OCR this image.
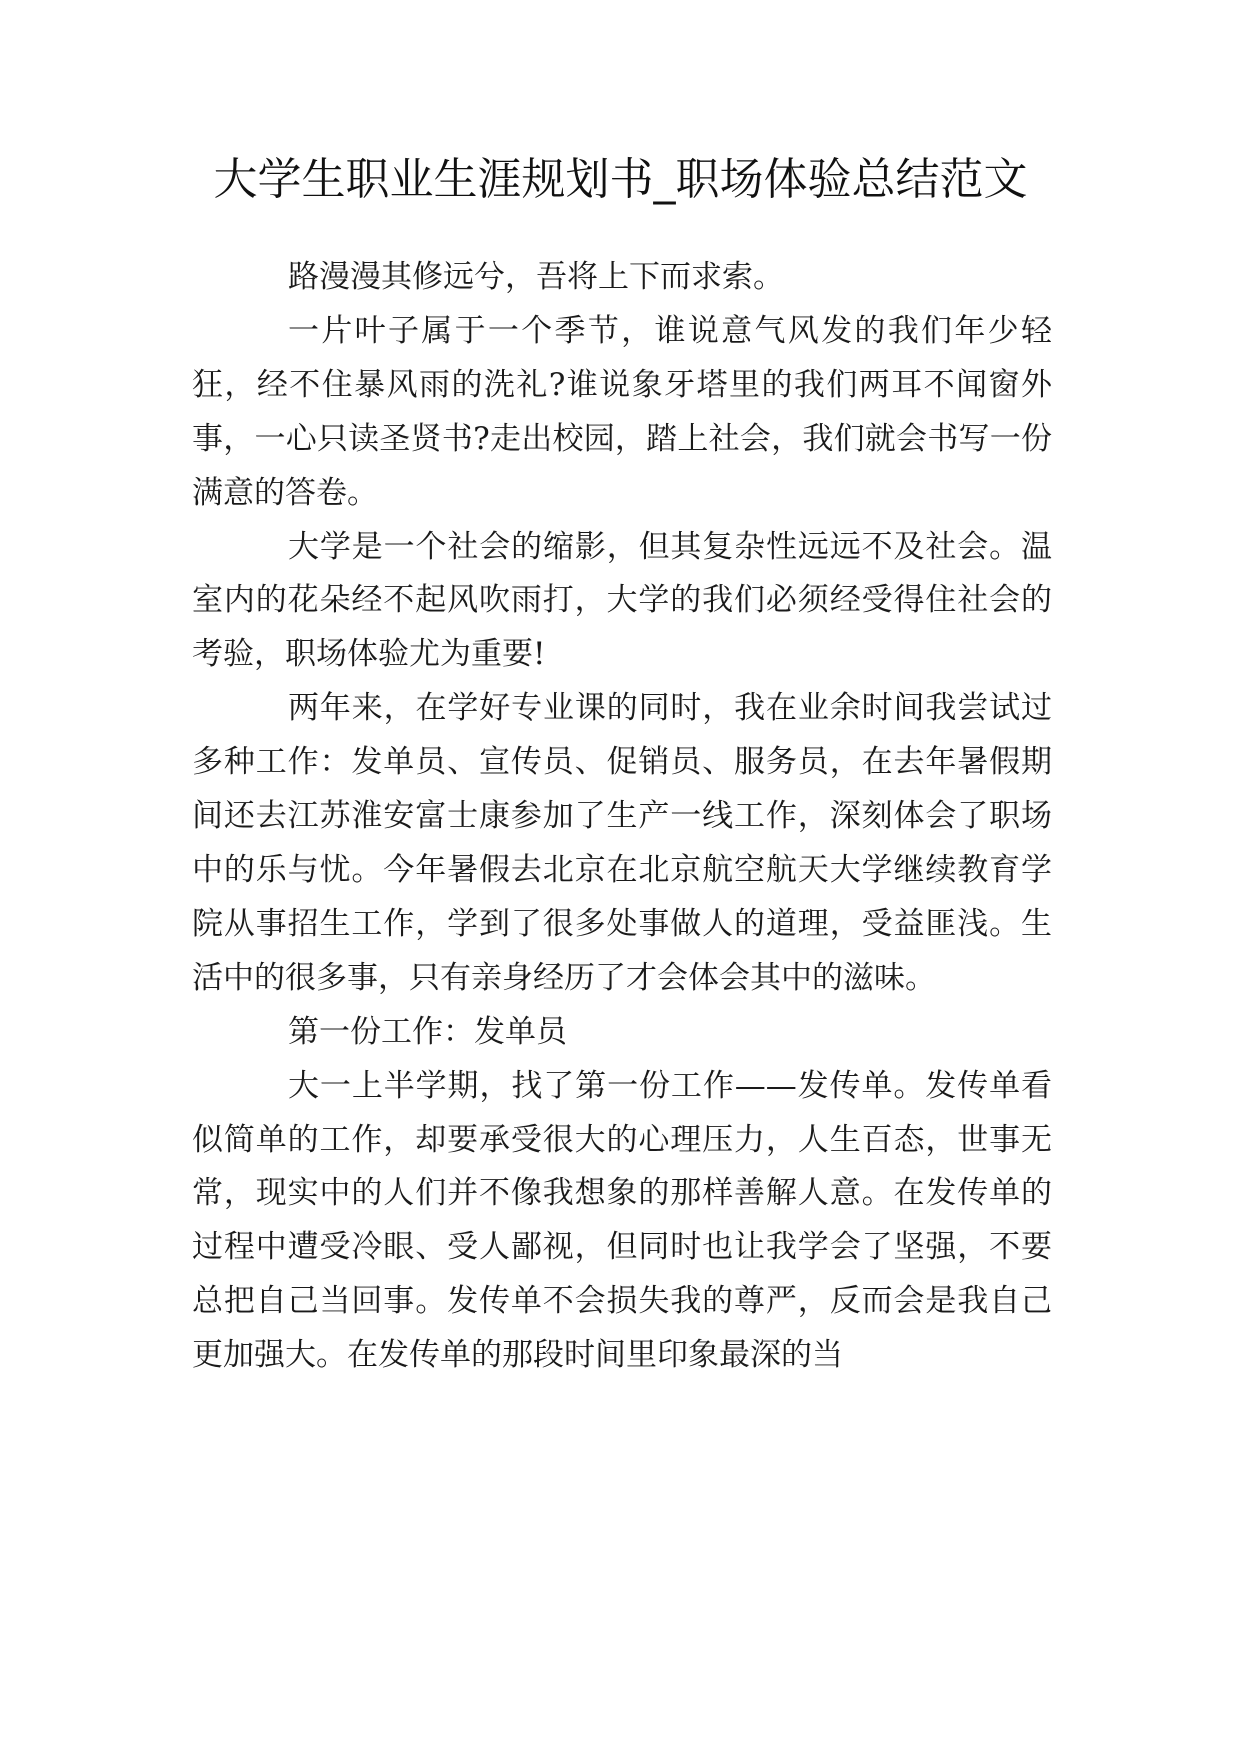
大学生职业生涯规划书_职场体验总结范文

路漫漫其修远兮，吾将上下而求索。

一片叶子属于一个季节，谁说意气风发的我们年少轻狂，经不住暴风雨的洗礼?谁说象牙塔里的我们两耳不闻窗外事，一心只读圣贤书?走出校园，踏上社会，我们就会书写一份满意的答卷。

大学是一个社会的缩影，但其复杂性远远不及社会。温室内的花朵经不起风吹雨打，大学的我们必须经受得住社会的考验，职场体验尤为重要!

两年来，在学好专业课的同时，我在业余时间我尝试过多种工作：发单员、宣传员、促销员、服务员，在去年暑假期间还去江苏淮安富士康参加了生产一线工作，深刻体会了职场中的乐与忧。今年暑假去北京在北京航空航天大学继续教育学院从事招生工作，学到了很多处事做人的道理，受益匪浅。生活中的很多事，只有亲身经历了才会体会其中的滋味。

第一份工作：发单员

大一上半学期，找了第一份工作——发传单。发传单看似简单的工作，却要承受很大的心理压力，人生百态，世事无常，现实中的人们并不像我想象的那样善解人意。在发传单的过程中遭受冷眼、受人鄙视，但同时也让我学会了坚强，不要总把自己当回事。发传单不会损失我的尊严，反而会是我自己更加强大。在发传单的那段时间里印象最深的当
